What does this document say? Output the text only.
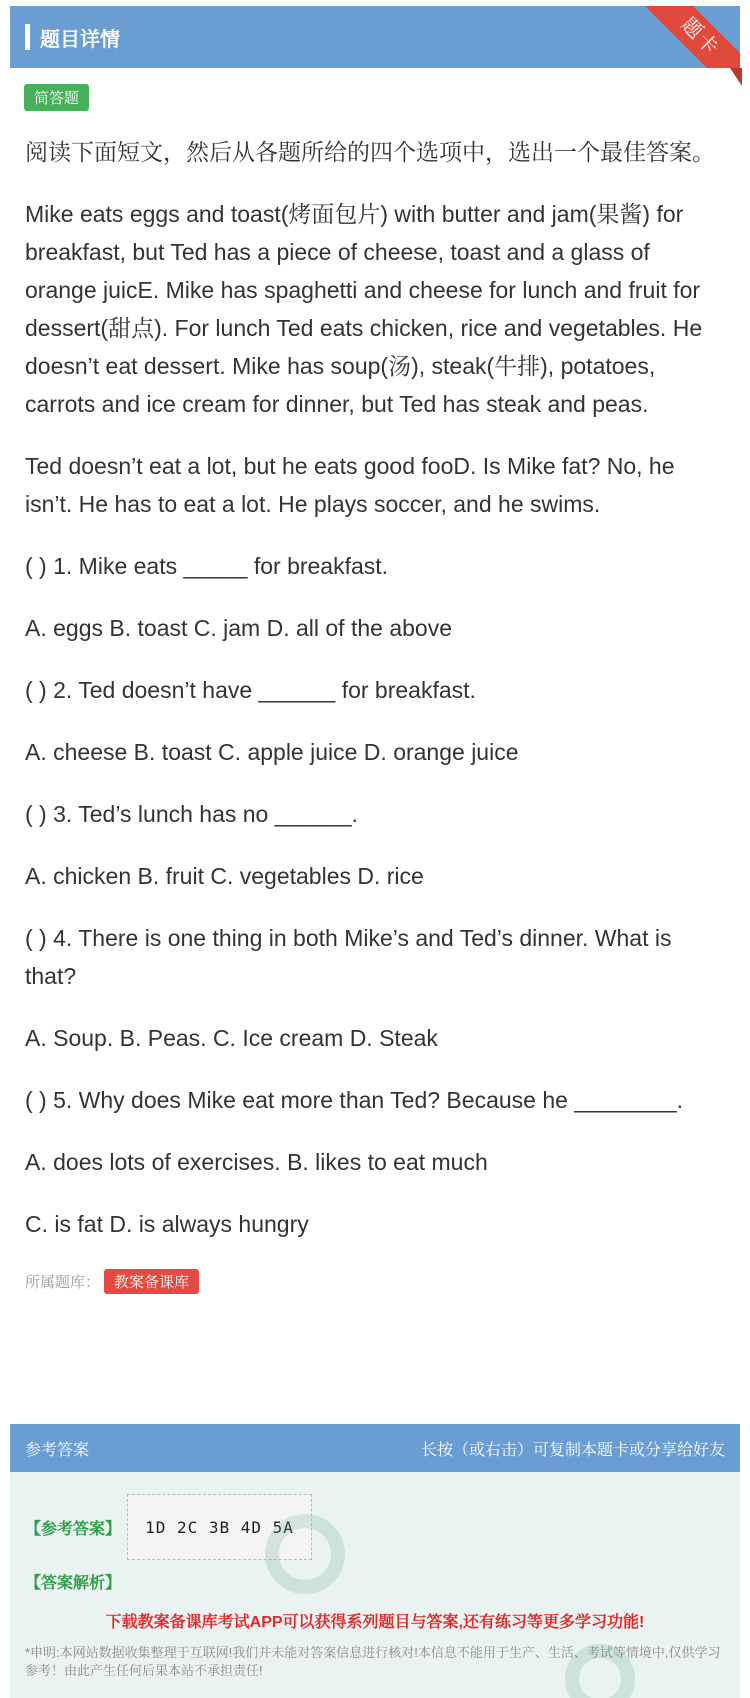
题目详情	题卡
简答题

阅读下面短文，然后从各题所给的四个选项中，选出一个最佳答案。

Mike eats eggs and toast(烤面包片) with butter and jam(果酱) for breakfast, but Ted has a piece of cheese, toast and a glass of orange juicE. Mike has spaghetti and cheese for lunch and fruit for dessert(甜点). For lunch Ted eats chicken, rice and vegetables. He doesn’t eat dessert. Mike has soup(汤), steak(牛排), potatoes, carrots and ice cream for dinner, but Ted has steak and peas.

Ted doesn’t eat a lot, but he eats good fooD. Is Mike fat? No, he isn’t. He has to eat a lot. He plays soccer, and he swims.

( ) 1. Mike eats _____ for breakfast.

A. eggs B. toast C. jam D. all of the above

( ) 2. Ted doesn’t have ______ for breakfast.

A. cheese B. toast C. apple juice D. orange juice

( ) 3. Ted’s lunch has no ______.

A. chicken B. fruit C. vegetables D. rice

( ) 4. There is one thing in both Mike’s and Ted’s dinner. What is that?

A. Soup. B. Peas. C. Ice cream D. Steak

( ) 5. Why does Mike eat more than Ted? Because he ________.

A. does lots of exercises. B. likes to eat much

C. is fat D. is always hungry

所属题库： 教案备课库
参考答案	长按（或右击）可复制本题卡或分享给好友
【参考答案】	1D 2C 3B 4D 5A
【答案解析】
下载教案备课库考试APP可以获得系列题目与答案,还有练习等更多学习功能!
*申明:本网站数据收集整理于互联网!我们并未能对答案信息进行核对!本信息不能用于生产、生活、考试等情境中,仅供学习参考！由此产生任何后果本站不承担责任!
